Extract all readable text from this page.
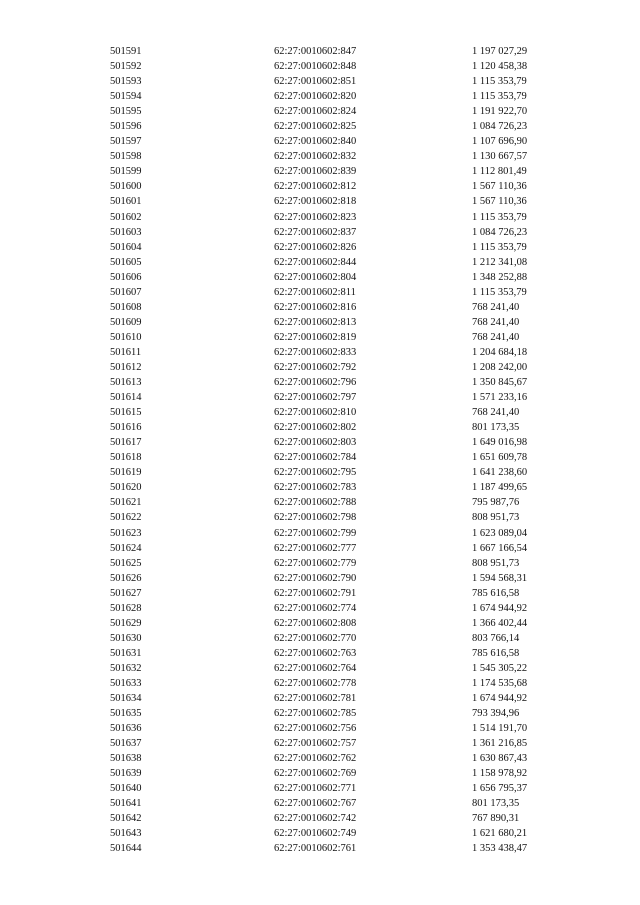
501591	62:27:0010602:847	1 197 027,29
501592	62:27:0010602:848	1 120 458,38
501593	62:27:0010602:851	1 115 353,79
501594	62:27:0010602:820	1 115 353,79
501595	62:27:0010602:824	1 191 922,70
501596	62:27:0010602:825	1 084 726,23
501597	62:27:0010602:840	1 107 696,90
501598	62:27:0010602:832	1 130 667,57
501599	62:27:0010602:839	1 112 801,49
501600	62:27:0010602:812	1 567 110,36
501601	62:27:0010602:818	1 567 110,36
501602	62:27:0010602:823	1 115 353,79
501603	62:27:0010602:837	1 084 726,23
501604	62:27:0010602:826	1 115 353,79
501605	62:27:0010602:844	1 212 341,08
501606	62:27:0010602:804	1 348 252,88
501607	62:27:0010602:811	1 115 353,79
501608	62:27:0010602:816	768 241,40
501609	62:27:0010602:813	768 241,40
501610	62:27:0010602:819	768 241,40
501611	62:27:0010602:833	1 204 684,18
501612	62:27:0010602:792	1 208 242,00
501613	62:27:0010602:796	1 350 845,67
501614	62:27:0010602:797	1 571 233,16
501615	62:27:0010602:810	768 241,40
501616	62:27:0010602:802	801 173,35
501617	62:27:0010602:803	1 649 016,98
501618	62:27:0010602:784	1 651 609,78
501619	62:27:0010602:795	1 641 238,60
501620	62:27:0010602:783	1 187 499,65
501621	62:27:0010602:788	795 987,76
501622	62:27:0010602:798	808 951,73
501623	62:27:0010602:799	1 623 089,04
501624	62:27:0010602:777	1 667 166,54
501625	62:27:0010602:779	808 951,73
501626	62:27:0010602:790	1 594 568,31
501627	62:27:0010602:791	785 616,58
501628	62:27:0010602:774	1 674 944,92
501629	62:27:0010602:808	1 366 402,44
501630	62:27:0010602:770	803 766,14
501631	62:27:0010602:763	785 616,58
501632	62:27:0010602:764	1 545 305,22
501633	62:27:0010602:778	1 174 535,68
501634	62:27:0010602:781	1 674 944,92
501635	62:27:0010602:785	793 394,96
501636	62:27:0010602:756	1 514 191,70
501637	62:27:0010602:757	1 361 216,85
501638	62:27:0010602:762	1 630 867,43
501639	62:27:0010602:769	1 158 978,92
501640	62:27:0010602:771	1 656 795,37
501641	62:27:0010602:767	801 173,35
501642	62:27:0010602:742	767 890,31
501643	62:27:0010602:749	1 621 680,21
501644	62:27:0010602:761	1 353 438,47
